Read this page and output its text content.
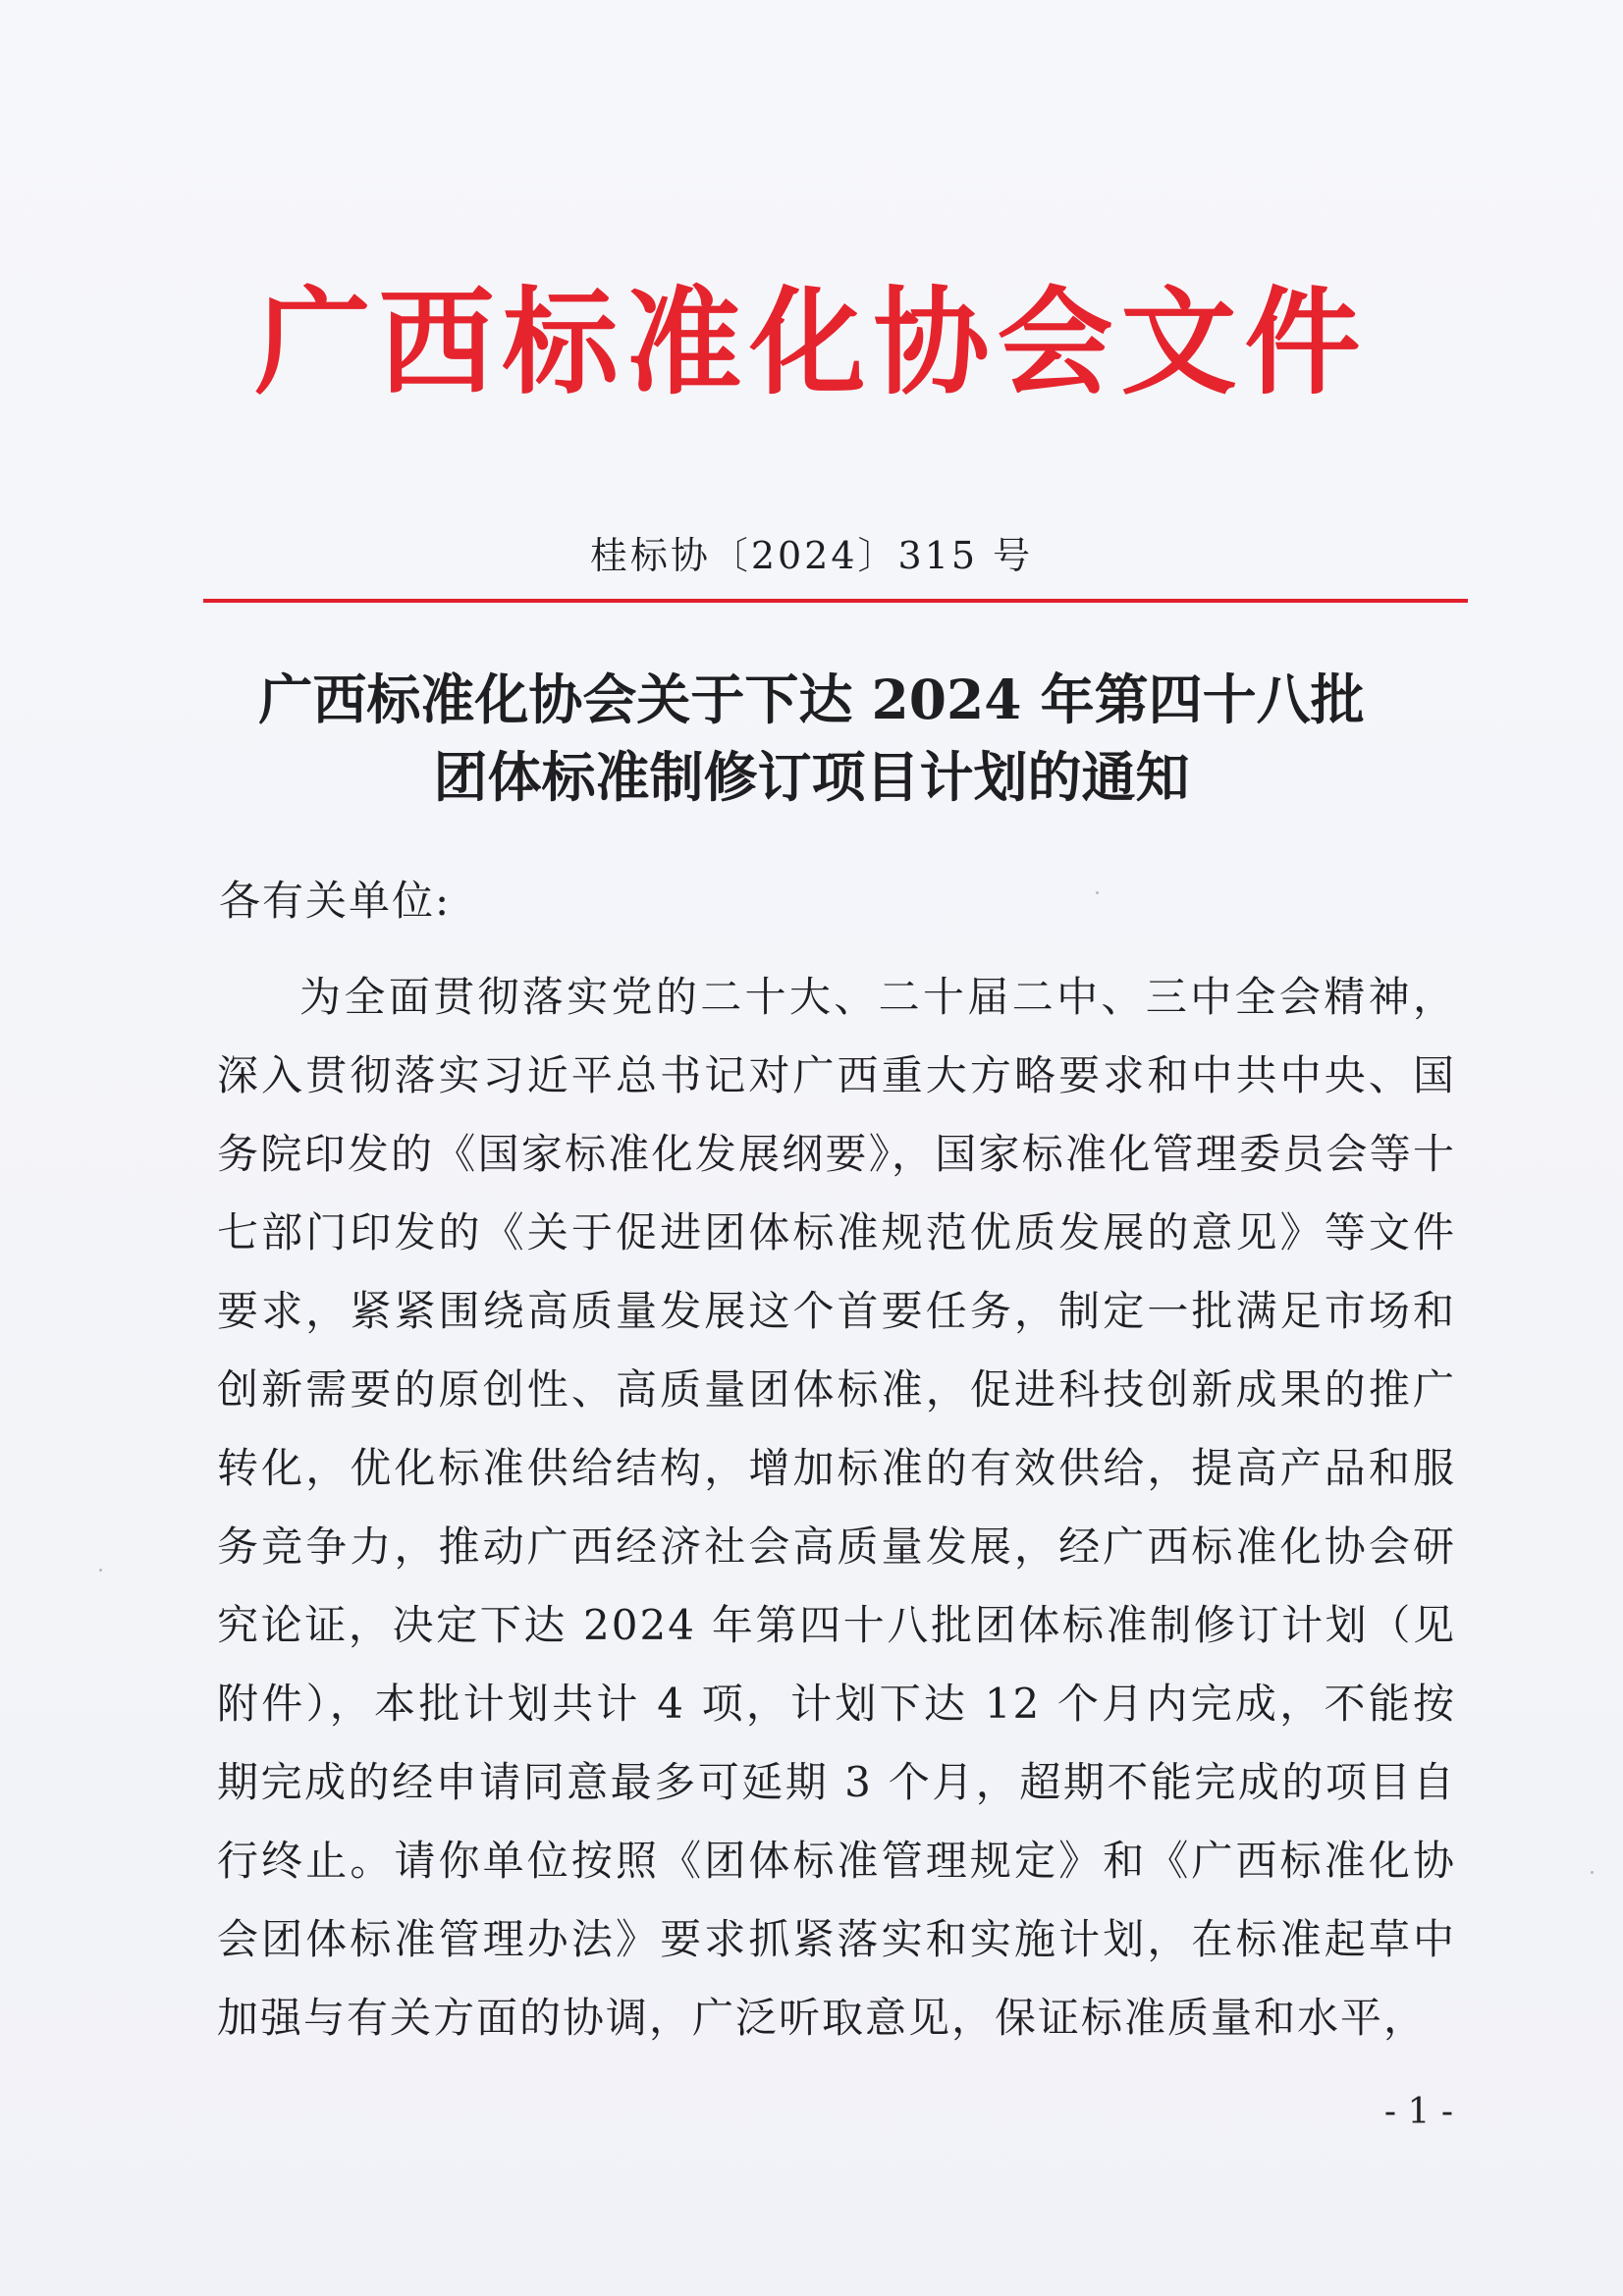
广西标准化协会文件
桂标协〔2024〕315 号
广西标准化协会关于下达 2024 年第四十八批
团体标准制修订项目计划的通知
各有关单位:
为全面贯彻落实党的二十大、二十届二中、三中全会精神，深入贯彻落实习近平总书记对广西重大方略要求和中共中央、国务院印发的《国家标准化发展纲要》，国家标准化管理委员会等十七部门印发的《关于促进团体标准规范优质发展的意见》等文件要求，紧紧围绕高质量发展这个首要任务，制定一批满足市场和创新需要的原创性、高质量团体标准，促进科技创新成果的推广转化，优化标准供给结构，增加标准的有效供给，提高产品和服务竞争力，推动广西经济社会高质量发展，经广西标准化协会研究论证，决定下达 2024 年第四十八批团体标准制修订计划（见附件），本批计划共计 4 项，计划下达 12 个月内完成，不能按期完成的经申请同意最多可延期 3 个月，超期不能完成的项目自行终止。请你单位按照《团体标准管理规定》和《广西标准化协会团体标准管理办法》要求抓紧落实和实施计划，在标准起草中加强与有关方面的协调，广泛听取意见，保证标准质量和水平，
- 1 -
